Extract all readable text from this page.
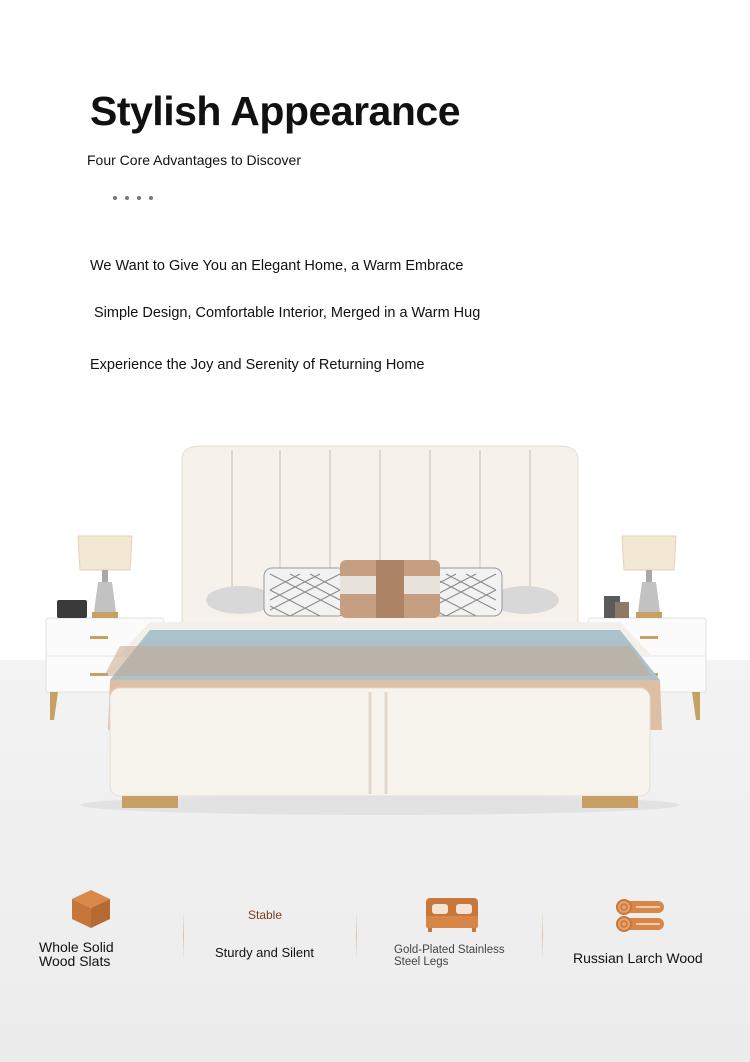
Stylish Appearance
Four Core Advantages to Discover
We Want to Give You an Elegant Home, a Warm Embrace
Simple Design, Comfortable Interior, Merged in a Warm Hug
Experience the Joy and Serenity of Returning Home
Whole Solid
Wood Slats
Stable
Sturdy and Silent	Gold-Plated Stainless
Steel Legs	Russian Larch Wood
